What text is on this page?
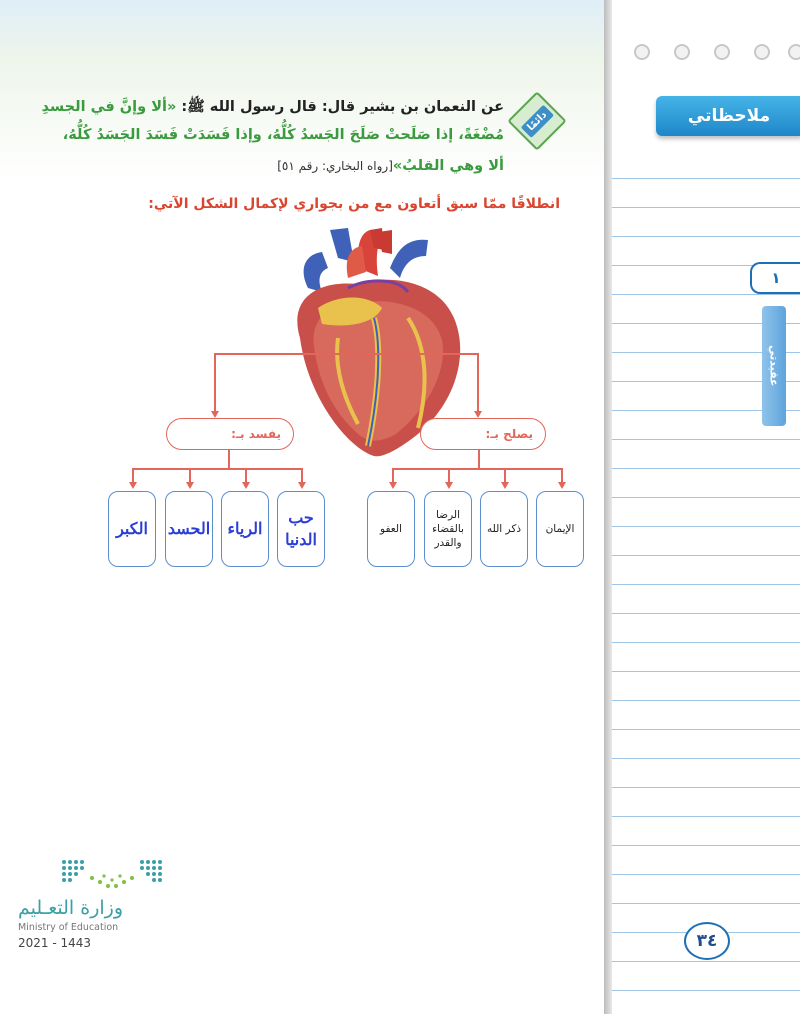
دائمًا
عن النعمان بن بشير قال: قال رسول الله ﷺ: «ألا وإنَّ في الجسدِ
مُضْغَةً، إذا صَلَحتْ صَلَحَ الجَسدُ كُلُّهُ، وإذا فَسَدَتْ فَسَدَ الجَسَدُ كُلُّهُ،
ألا وهي القلبُ»[رواه البخاري: رقم ٥١]
انطلاقًا ممّا سبق أتعاون مع من بجواري لإكمال الشكل الآتي:
يفسد بـ:	يصلح بـ:
الكبر الحسد الرياء
حب الدنيا
العفو
الرضا بالقضاء والقدر
ذكر الله الإيمان
وزارة التعـليم
Ministry of Education
2021 - 1443
ملاحظاتي
١
عقيدتي
٣٤
